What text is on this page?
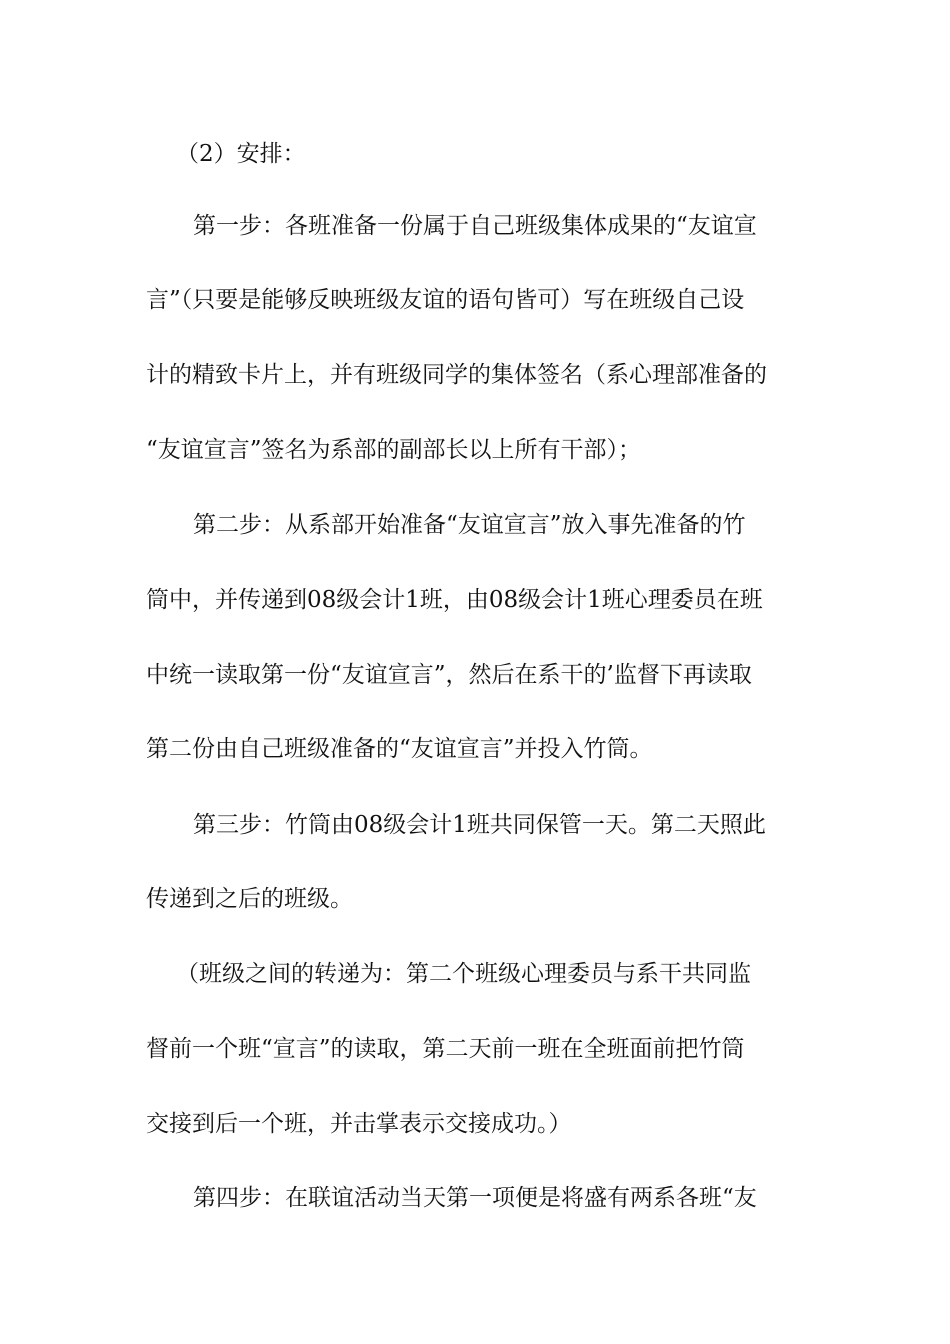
（2）安排：
第一步：各班准备一份属于自己班级集体成果的“友谊宣
言”（只要是能够反映班级友谊的语句皆可）写在班级自己设
计的精致卡片上，并有班级同学的集体签名（系心理部准备的
“友谊宣言”签名为系部的副部长以上所有干部）；
第二步：从系部开始准备“友谊宣言”放入事先准备的竹
筒中，并传递到08级会计1班，由08级会计1班心理委员在班
中统一读取第一份“友谊宣言”，然后在系干的’监督下再读取
第二份由自己班级准备的“友谊宣言”并投入竹筒。
第三步：竹筒由08级会计1班共同保管一天。第二天照此
传递到之后的班级。
（班级之间的转递为：第二个班级心理委员与系干共同监
督前一个班“宣言”的读取，第二天前一班在全班面前把竹筒
交接到后一个班，并击掌表示交接成功。）
第四步：在联谊活动当天第一项便是将盛有两系各班“友
